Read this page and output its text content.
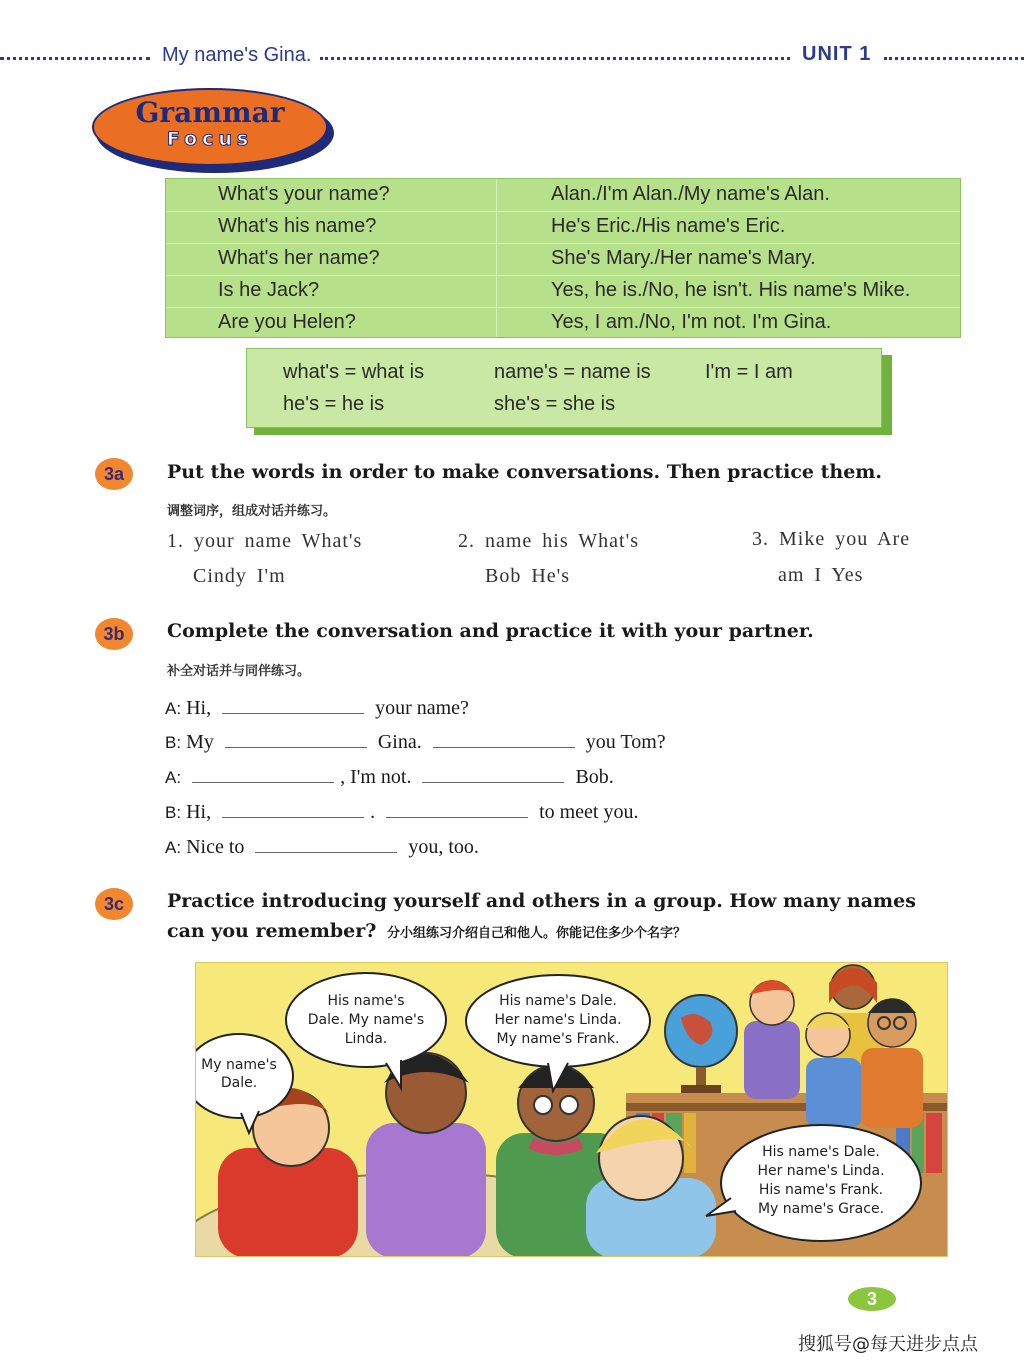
My name's Gina.	UNIT 1
Grammar
Focus
What's your name?	Alan./I'm Alan./My name's Alan.
What's his name?	He's Eric./His name's Eric.
What's her name?	She's Mary./Her name's Mary.
Is he Jack?	Yes, he is./No, he isn't. His name's Mike.
Are you Helen?	Yes, I am./No, I'm not. I'm Gina.
what's = what is	name's = name is	I'm = I am
he's = he is	she's = she is
3a	Put the words in order to make conversations. Then practice them.
调整词序，组成对话并练习。
1. your name What's
Cindy I'm
2. name his What's
Bob He's
3. Mike you Are
am I Yes
3b	Complete the conversation and practice it with your partner.
补全对话并与同伴练习。
A: Hi,	your name?
B: My	Gina.	you Tom?
A:	, I'm not.	Bob.
B: Hi,	.	to meet you.
A: Nice to	you, too.
3c	Practice introducing yourself and others in a group. How many names
can you remember? 分小组练习介绍自己和他人。你能记住多少个名字？
My name's
Dale.
His name's
Dale. My name's
Linda.
His name's Dale.
Her name's Linda.
My name's Frank.
His name's Dale.
Her name's Linda.
His name's Frank.
My name's Grace.
3
搜狐号@每天进步点点
